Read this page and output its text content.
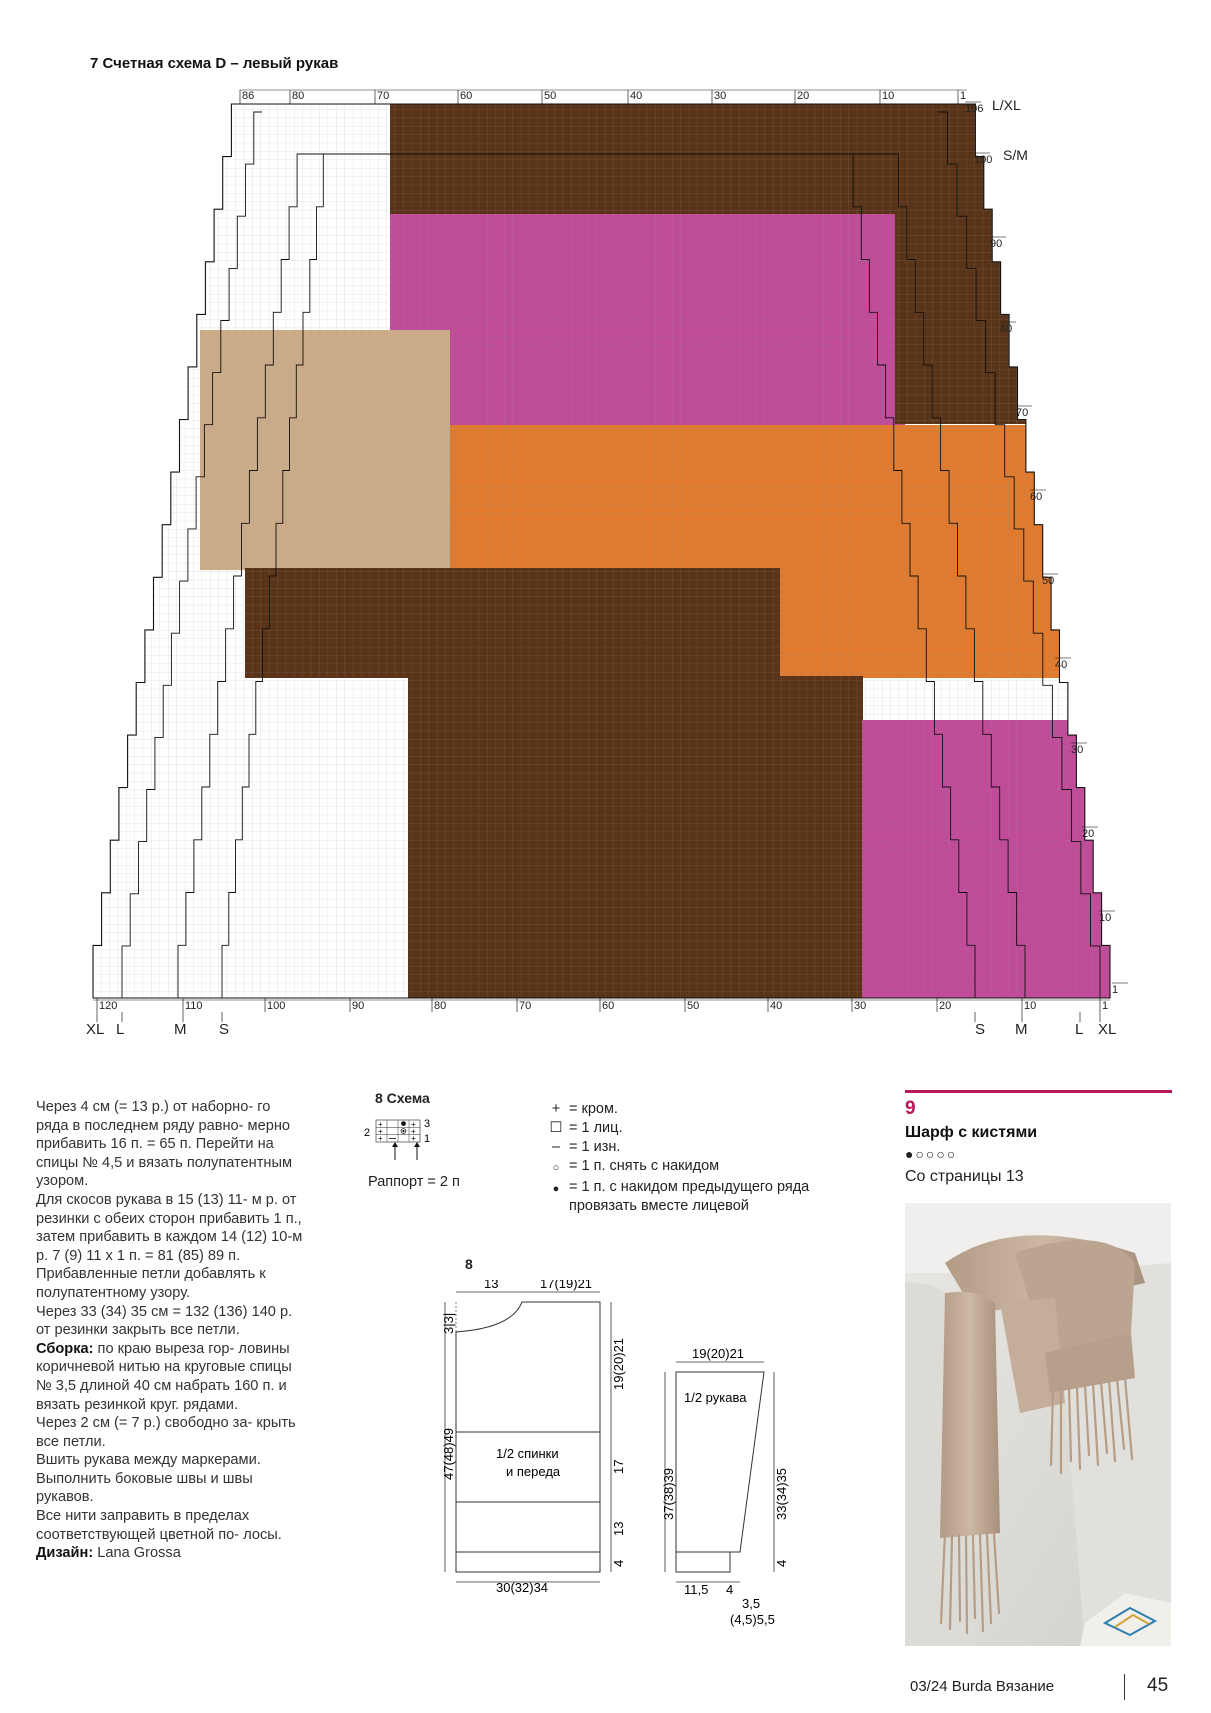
7 Счетная схема D – левый рукав
86	80	70	60	50	40	30	20	10	1
120	110	100	90	80	70	60	50	40	30	20	10	1
106
100
90
80
70
60
50
40
30
20
10
1
L/XL
S/M
XL L	M S	S M	L XL

Через 4 см (= 13 р.) от наборно- го ряда в последнем ряду равно- мерно прибавить 16 п. = 65 п. Перейти на спицы № 4,5 и вязать полупатентным узором.

Для скосов рукава в 15 (13) 11- м р. от резинки с обеих сторон прибавить 1 п., затем прибавить в каждом 14 (12) 10-м р. 7 (9) 11 х 1 п. = 81 (85) 89 п.

Прибавленные петли добавлять к полупатентному узору.

Через 33 (34) 35 см = 132 (136) 140 р. от резинки закрыть все петли.

Сборка: по краю выреза гор- ловины коричневой нитью на круговые спицы № 3,5 длиной 40 см набрать 160 п. и вязать резинкой круг. рядами.

Через 2 см (= 7 р.) свободно за- крыть все петли.

Вшить рукава между маркерами. Выполнить боковые швы и швы рукавов.

Все нити заправить в пределах соответствующей цветной по- лосы.

Дизайн: Lana Grossa

8 Схема
2
+	+
+	+
+	+
3
1
Раппорт = 2 п
+ = кром.
☐ = 1 лиц.
– = 1 изн.
○ = 1 п. снять с накидом
● = 1 п. с накидом предыдущего ряда провязать вместе лицевой
8
13	17(19)21
30(32)34
3|3|
47(48)49
19(20)21
17
13
4
1/2 спинки
и переда
19(20)21
37(38)39	33(34)35
4
1/2 рукава
11,5 4
3,5
(4,5)5,5
9
Шарф с кистями
●○○○○
Со страницы 13
03/24 Burda Вязание	45
